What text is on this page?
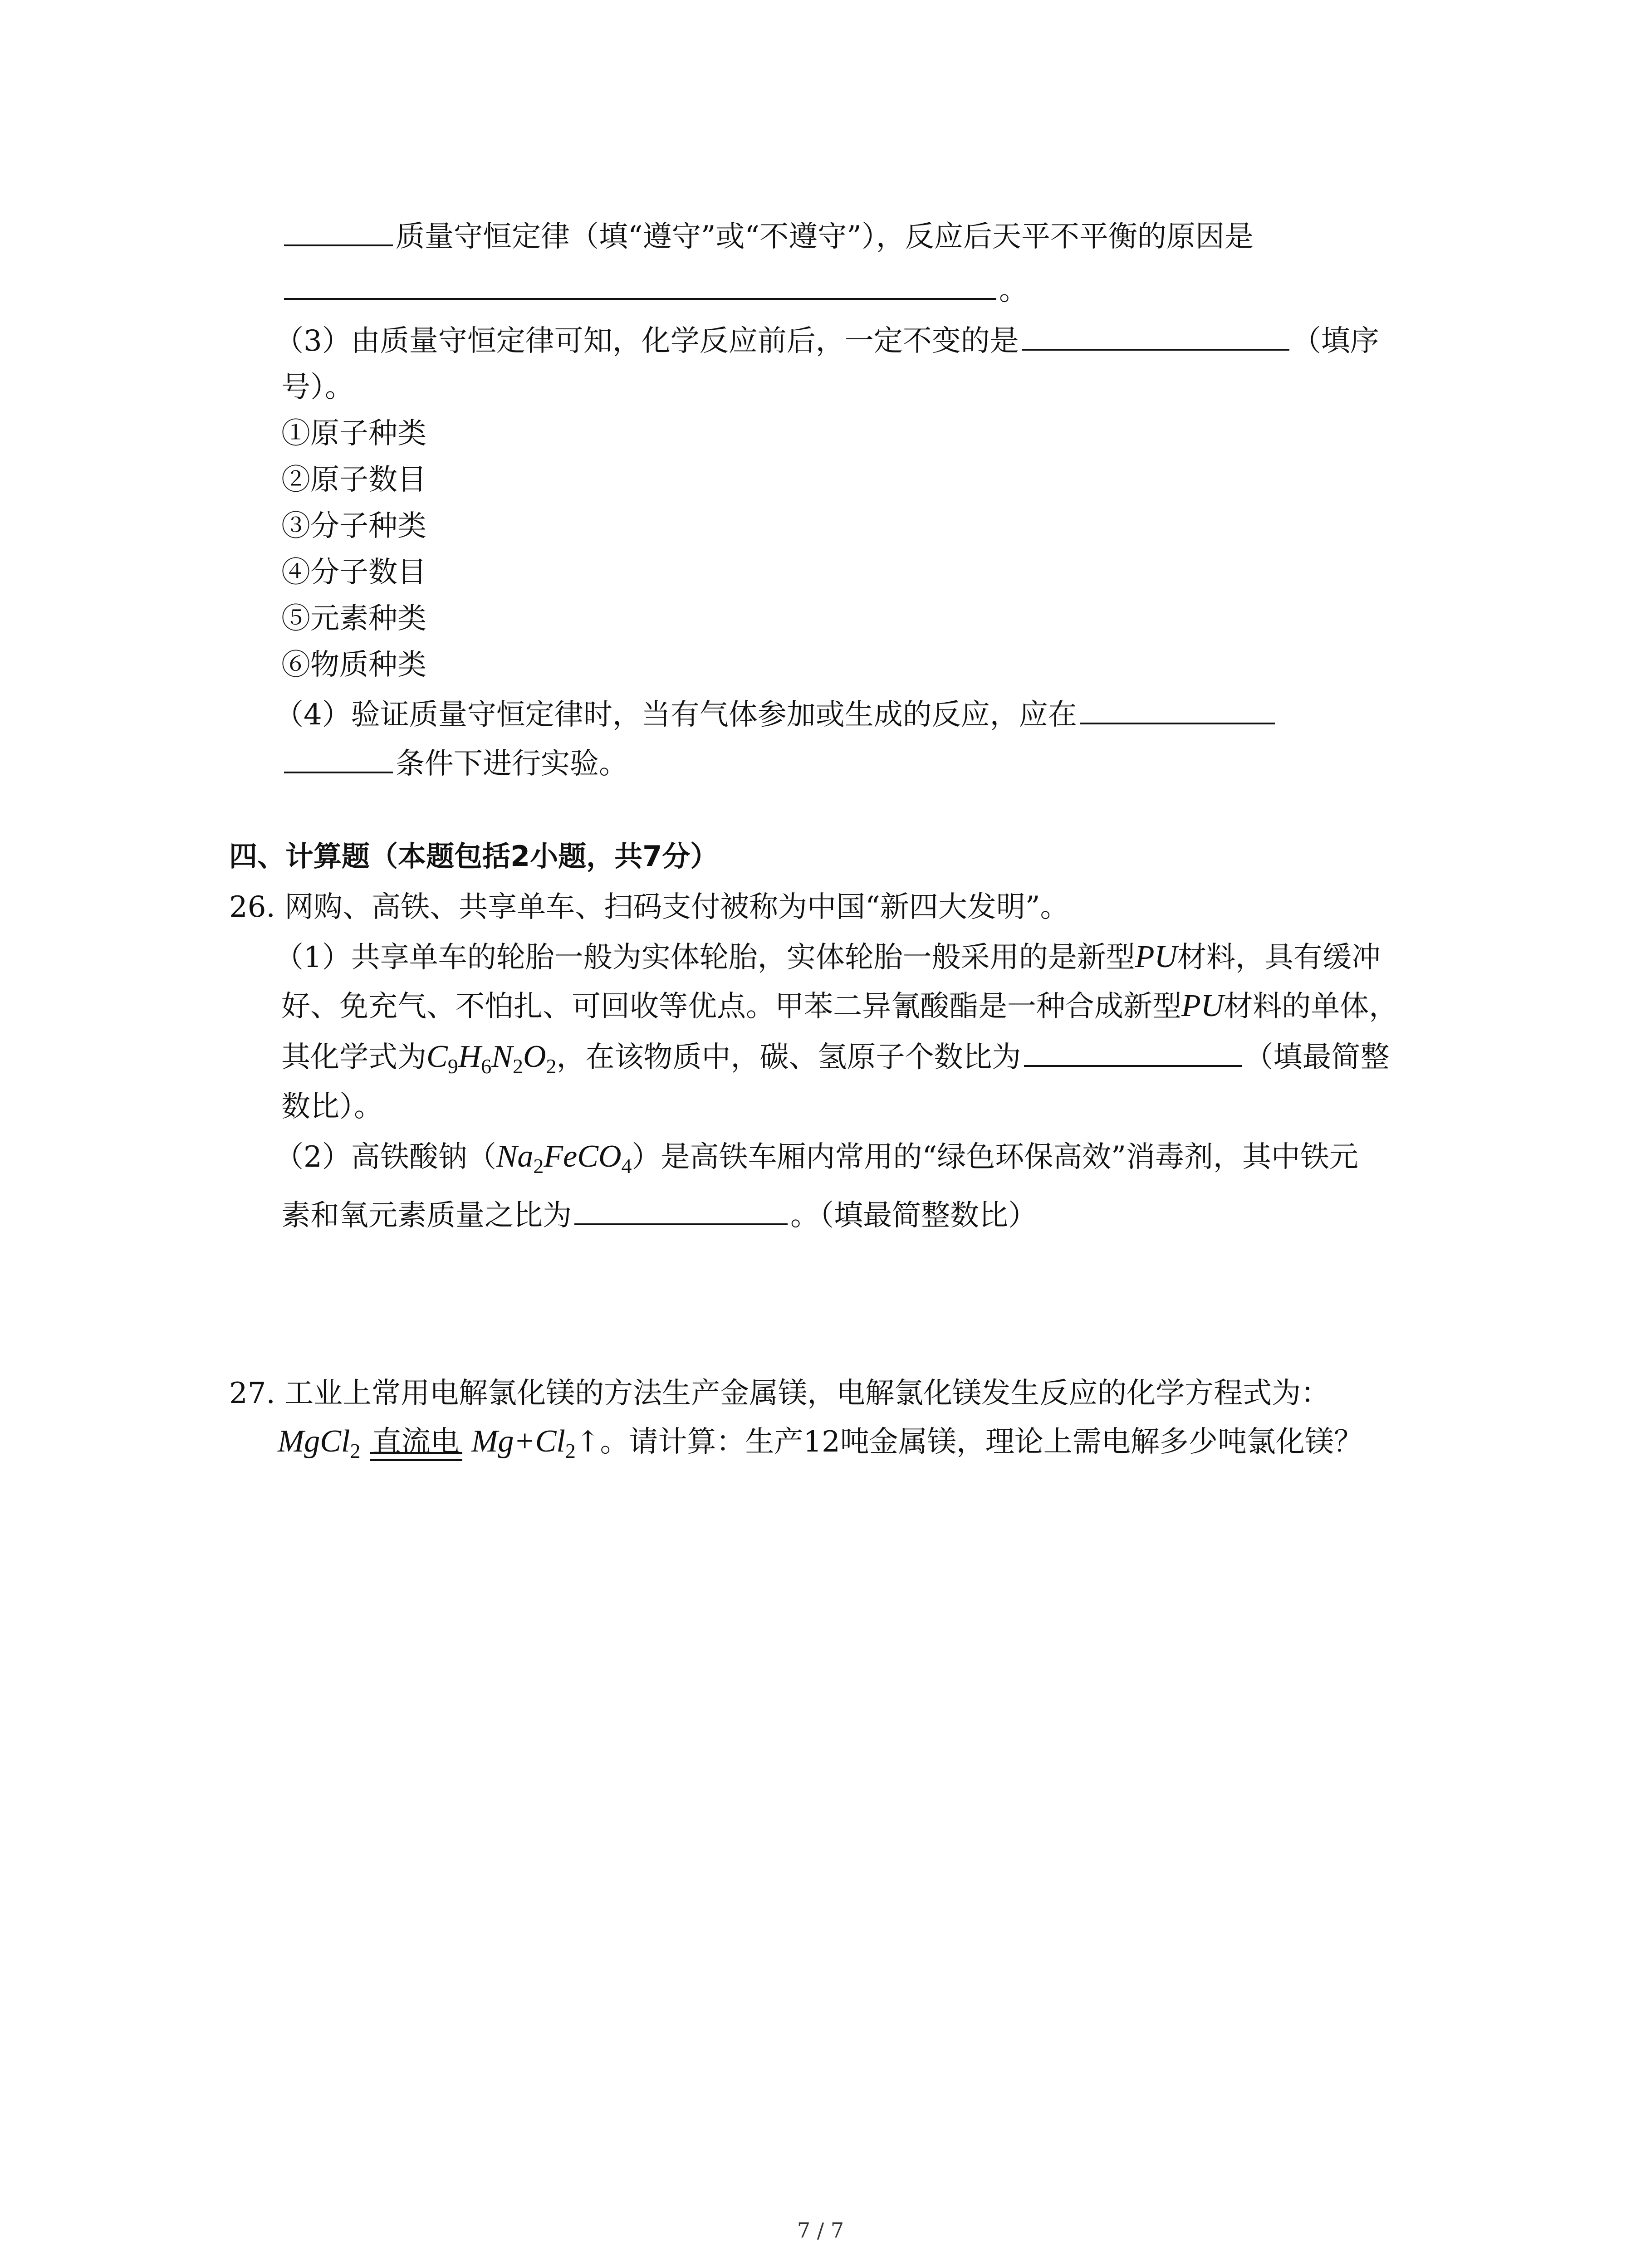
质量守恒定律（填“遵守”或“不遵守”），反应后天平不平衡的原因是
。
（3）由质量守恒定律可知，化学反应前后，一定不变的是	（填序
号）。
①原子种类
②原子数目
③分子种类
④分子数目
⑤元素种类
⑥物质种类
（4）验证质量守恒定律时，当有气体参加或生成的反应，应在
条件下进行实验。
四、计算题（本题包括2小题，共7分）
26. 网购、高铁、共享单车、扫码支付被称为中国“新四大发明”。
（1）共享单车的轮胎一般为实体轮胎，实体轮胎一般采用的是新型PU材料，具有缓冲
好、免充气、不怕扎、可回收等优点。甲苯二异氰酸酯是一种合成新型PU材料的单体，
其化学式为$C_9H_6N_2O_2$，在该物质中，碳、氢原子个数比为	（填最简整
数比）。
（2）高铁酸钠$(Na_2FeCO_4)$是高铁车厢内常用的“绿色环保高效”消毒剂，其中铁元
素和氧元素质量之比为	。（填最简整数比）
27. 工业上常用电解氯化镁的方法生产金属镁，电解氯化镁发生反应的化学方程式为：
MgCl$_2$ 直流电 $Mg+Cl_2↑$。请计算：生产12吨金属镁，理论上需电解多少吨氯化镁？
7 / 7
